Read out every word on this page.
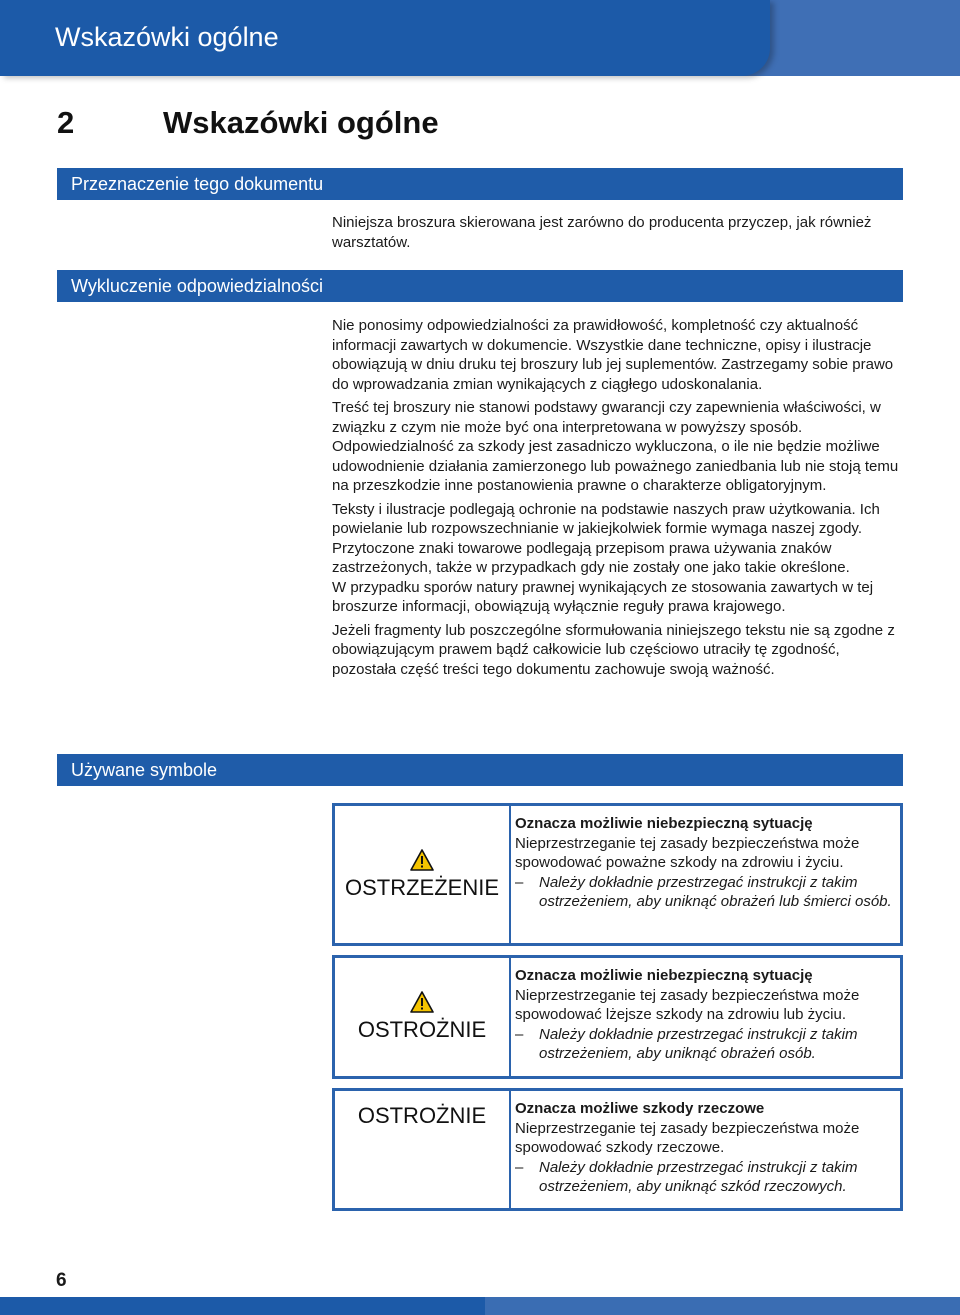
Wskazówki ogólne
2	Wskazówki ogólne
Przeznaczenie tego dokumentu

Niniejsza broszura skierowana jest zarówno do producenta przyczep, jak również warsztatów.

Wykluczenie odpowiedzialności

Nie ponosimy odpowiedzialności za prawidłowość, kompletność czy aktualność informacji zawartych w dokumencie. Wszystkie dane techniczne, opisy i ilustracje obowiązują w dniu druku tej broszury lub jej suplementów. Zastrzegamy sobie prawo do wprowadzania zmian wynikających z ciągłego udoskonalania.

Treść tej broszury nie stanowi podstawy gwarancji czy zapewnienia właściwości, w związku z czym nie może być ona interpretowana w powyższy sposób. Odpowiedzialność za szkody jest zasadniczo wykluczona, o ile nie będzie możliwe udowodnienie działania zamierzonego lub poważnego zaniedbania lub nie stoją temu na przeszkodzie inne postanowienia prawne o charakterze obligatoryjnym.

Teksty i ilustracje podlegają ochronie na podstawie naszych praw użytkowania. Ich powielanie lub rozpowszechnianie w jakiejkolwiek formie wymaga naszej zgody.

Przytoczone znaki towarowe podlegają przepisom prawa używania znaków zastrzeżonych, także w przypadkach gdy nie zostały one jako takie określone.

W przypadku sporów natury prawnej wynikających ze stosowania zawartych w tej broszurze informacji, obowiązują wyłącznie reguły prawa krajowego.

Jeżeli fragmenty lub poszczególne sformułowania niniejszego tekstu nie są zgodne z obowiązującym prawem bądź całkowicie lub częściowo utraciły tę zgodność, pozostała część treści tego dokumentu zachowuje swoją ważność.

Używane symbole
OSTRZEŻENIE
Oznacza możliwie niebezpieczną sytuację
Nieprzestrzeganie tej zasady bezpieczeństwa może spowodować poważne szkody na zdrowiu i życiu.
–	Należy dokładnie przestrzegać instrukcji z takim ostrzeżeniem, aby uniknąć obrażeń lub śmierci osób.
OSTROŻNIE
Oznacza możliwie niebezpieczną sytuację
Nieprzestrzeganie tej zasady bezpieczeństwa może spowodować lżejsze szkody na zdrowiu lub życiu.
–	Należy dokładnie przestrzegać instrukcji z takim ostrzeżeniem, aby uniknąć obrażeń osób.
OSTROŻNIE Oznacza możliwe szkody rzeczowe
Nieprzestrzeganie tej zasady bezpieczeństwa może spowodować szkody rzeczowe.
–	Należy dokładnie przestrzegać instrukcji z takim ostrzeżeniem, aby uniknąć szkód rzeczowych.
6
